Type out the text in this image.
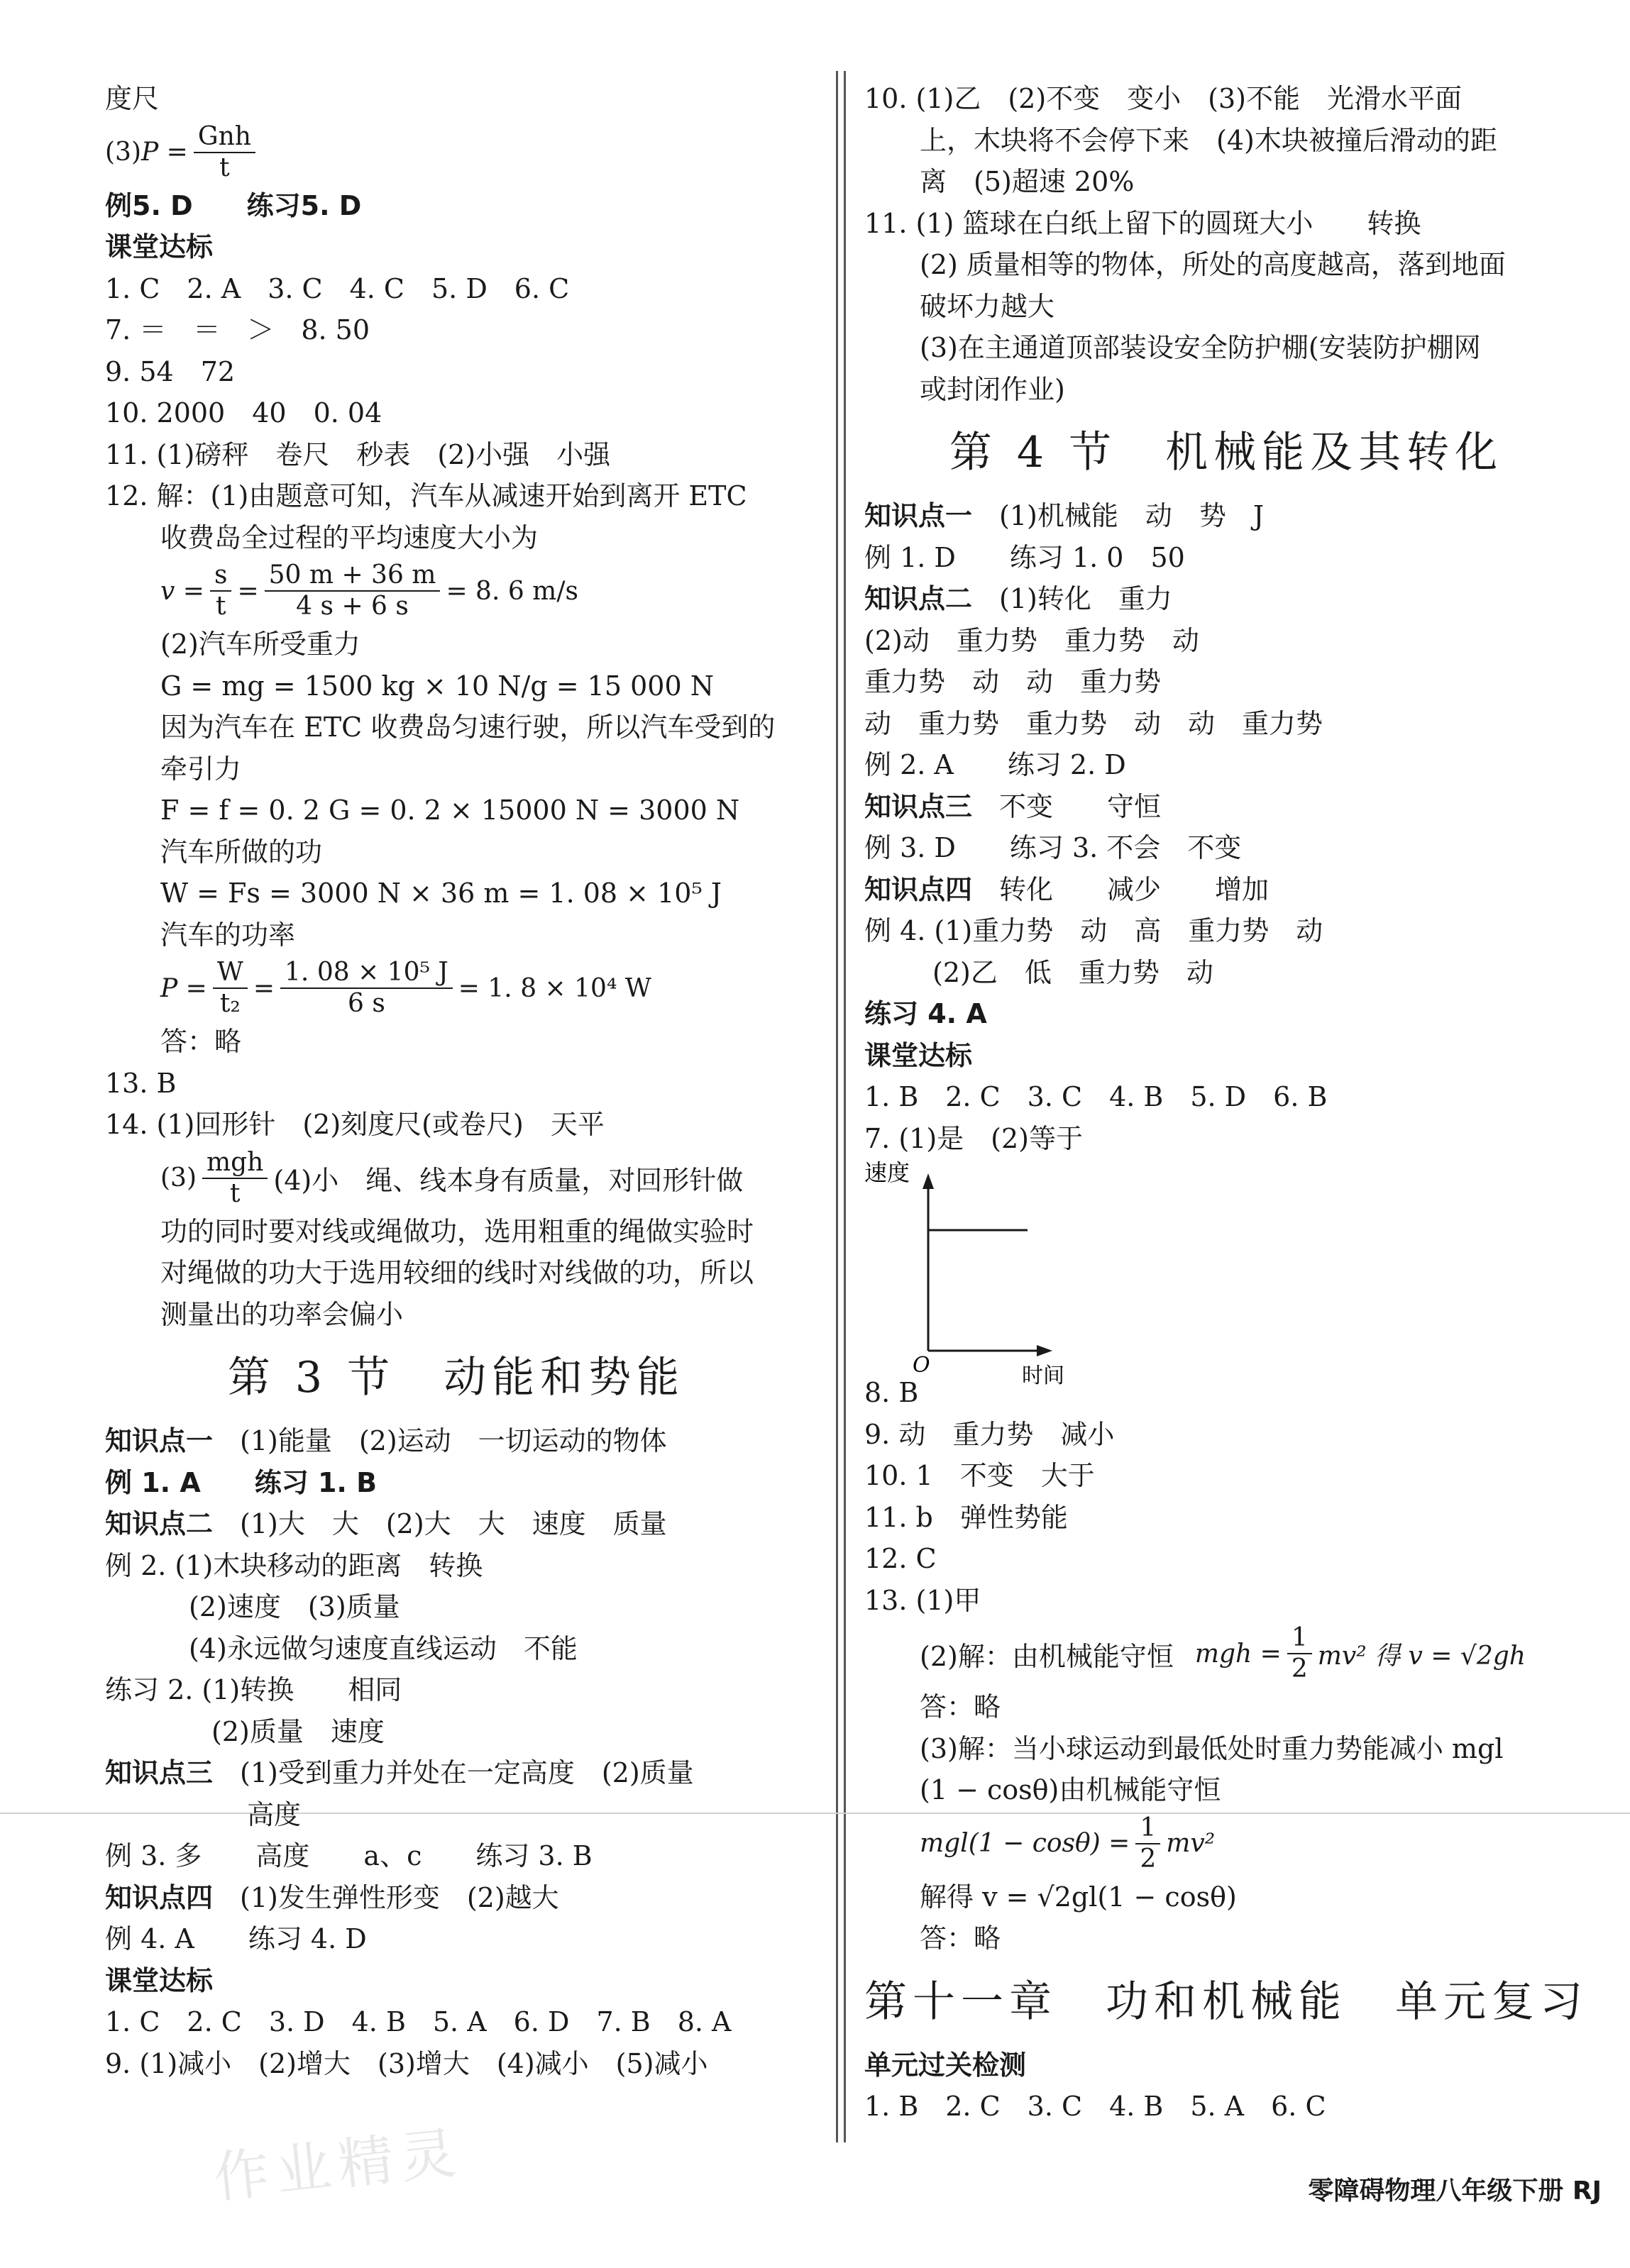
度尺
(3) $P = \frac{\text{Gnh}}{t}$
例5. D　　练习5. D
课堂达标
1. C　2. A　3. C　4. C　5. D　6. C
7. ＝　＝　＞　8. 50
9. 54　72
10. 2000　40　0. 04
11. (1)磅秤　卷尺　秒表　(2)小强　小强
12. 解：(1)由题意可知，汽车从减速开始到离开 ETC
收费岛全过程的平均速度大小为
$v = \frac{s}{t} = \frac{50 m + 36 m}{4 s + 6 s} = 8$. 6 m/s
(2)汽车所受重力
G = mg = 1500 kg × 10 N/g = 15 000 N
因为汽车在 ETC 收费岛匀速行驶，所以汽车受到的
牵引力
F = f = 0. 2 G = 0. 2 × 15000 N = 3000 N
汽车所做的功
W = Fs = 3000 N × 36 m = 1. 08 × 10⁵ J
汽车的功率
$P = \frac{W}{\text{t₂}} = \frac{\text{1. 08 × 10⁵ J}}{6 s} = 1$. 8 × 10⁴ W
答：略
13. B
14. (1)回形针　(2)刻度尺(或卷尺)　天平
$(3) \frac{\text{mgh}}{t} (4)$小　绳、线本身有质量，对回形针做
功的同时要对线或绳做功，选用粗重的绳做实验时
对绳做的功大于选用较细的线时对线做的功，所以
测量出的功率会偏小
第 3 节　动能和势能
知识点一　 (1)能量　(2)运动　一切运动的物体
例 1. A　　练习 1. B
知识点二　 (1)大　大　(2)大　大　速度　质量
例 2. (1)木块移动的距离　转换
(2)速度　(3)质量
(4)永远做匀速度直线运动　不能
练习 2. (1)转换　　相同
(2)质量　速度
知识点三　 (1)受到重力并处在一定高度　(2)质量
高度
例 3. 多　　高度　　a、c　　练习 3. B
知识点四　 (1)发生弹性形变　(2)越大
例 4. A　　练习 4. D
课堂达标
1. C　2. C　3. D　4. B　5. A　6. D　7. B　8. A
9. (1)减小　(2)增大　(3)增大　(4)减小　(5)减小
10. (1)乙　(2)不变　变小　(3)不能　光滑水平面
上，木块将不会停下来　(4)木块被撞后滑动的距
离　(5)超速 20%
11. (1) 篮球在白纸上留下的圆斑大小　　转换
(2) 质量相等的物体，所处的高度越高，落到地面
破坏力越大
(3)在主通道顶部装设安全防护棚(安装防护棚网
或封闭作业)
第 4 节　机械能及其转化
知识点一　 (1)机械能　动　势　J
例 1. D　　练习 1. 0　50
知识点二　 (1)转化　重力
(2)动　重力势　重力势　动
重力势　动　动　重力势
动　重力势　重力势　动　动　重力势
例 2. A　　练习 2. D
知识点三　 不变　　守恒
例 3. D　　练习 3. 不会　不变
知识点四　 转化　　减少　　增加
例 4. (1)重力势　动　高　重力势　动
(2)乙　低　重力势　动
练习 4. A
课堂达标
1. B　2. C　3. C　4. B　5. D　6. B
7. (1)是　(2)等于
速度
O	时间
8. B
9. 动　重力势　减小
10. 1　不变　大于
11. b　弹性势能
12. C
13. (1)甲
(2)解：由机械能守恒 mgh = $\frac{1}{2} mv^2$ 得 v = √2gh
答：略
(3)解：当小球运动到最低处时重力势能减小 mgl
(1 − cosθ)由机械能守恒
$mgl(1 - \cos\theta) = \frac{1}{2} mv^2$
解得 v = √2gl(1 − cosθ)
答：略
第十一章　功和机械能　单元复习
单元过关检测
1. B　2. C　3. C　4. B　5. A　6. C
作业精灵	零障碍物理八年级下册 RJ
